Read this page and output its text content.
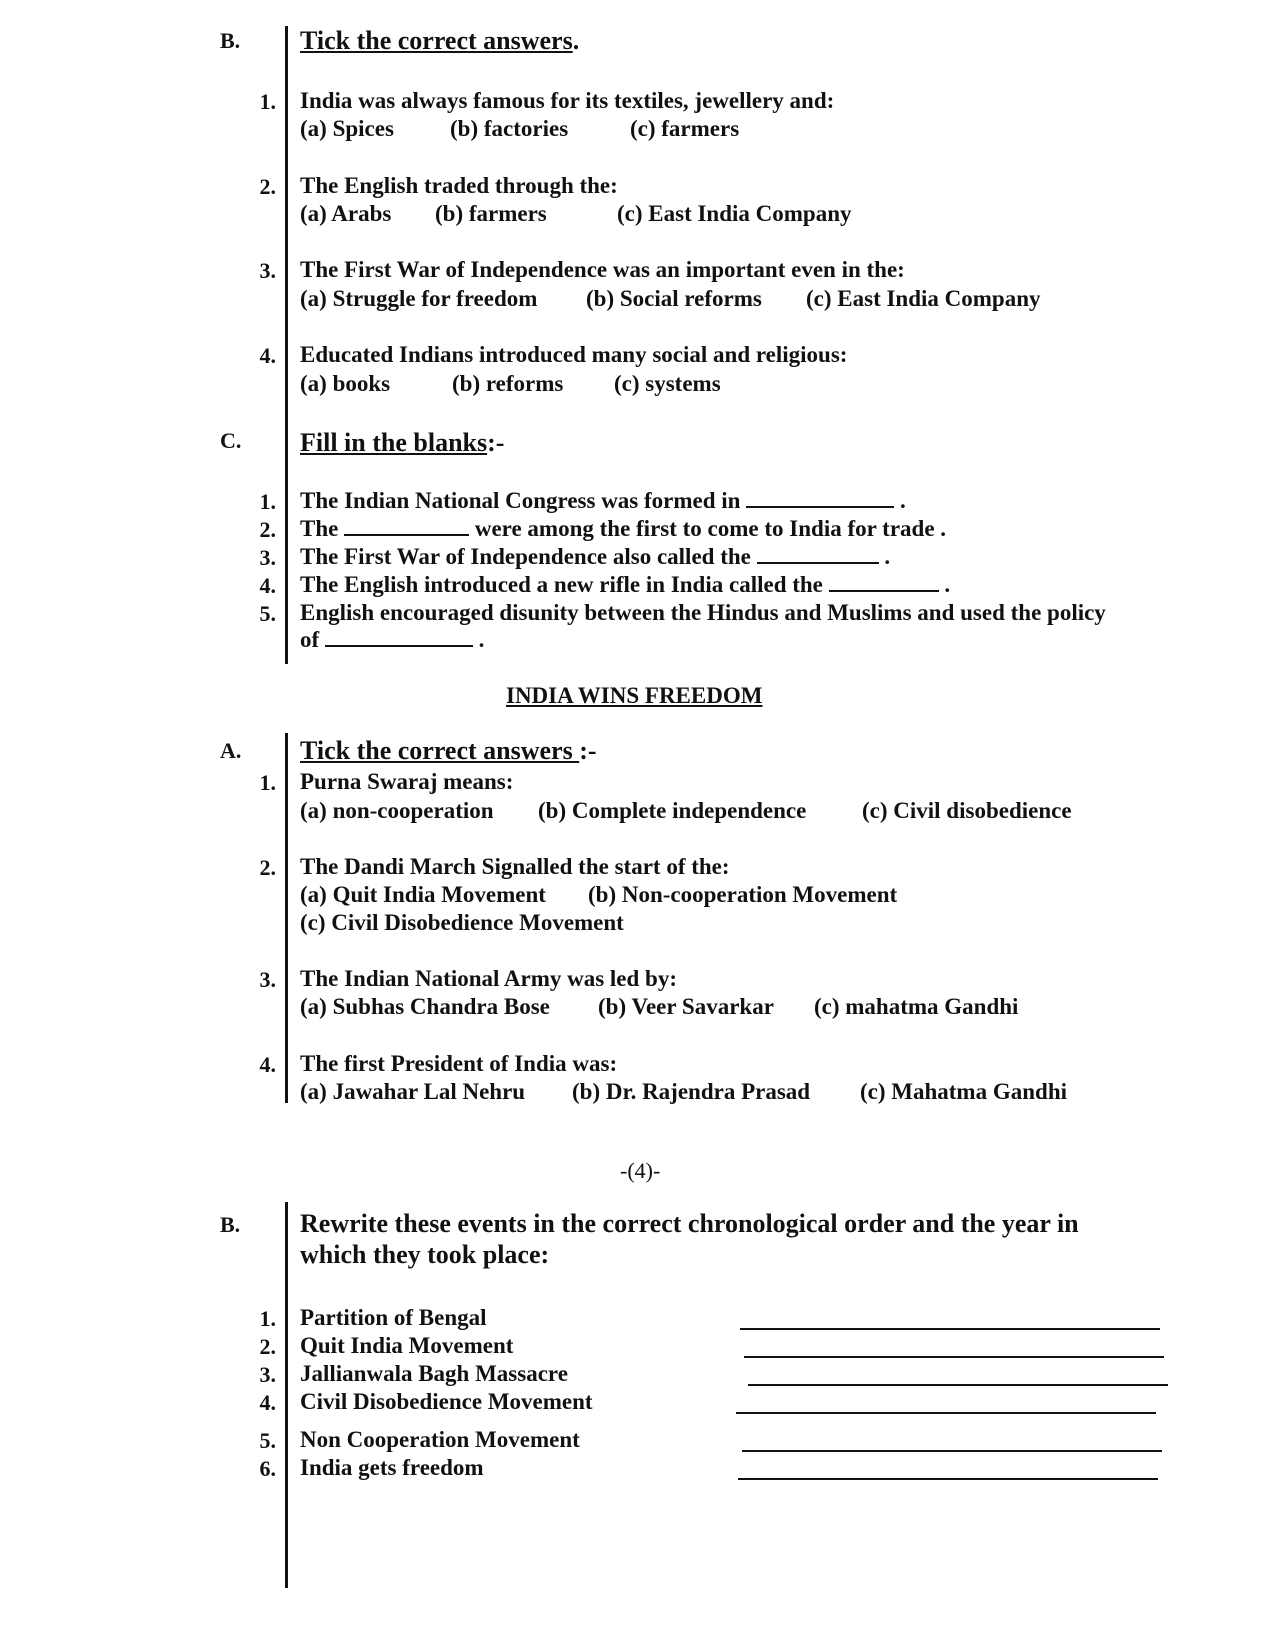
B. Tick the correct answers.
1. India was always famous for its textiles, jewellery and:
(a) Spices (b) factories	(c) farmers
2. The English traded through the:
(a) Arabs (b) farmers	(c) East India Company
3. The First War of Independence was an important even in the:
(a) Struggle for freedom (b) Social reforms (c) East India Company
4. Educated Indians introduced many social and religious:
(a) books	(b) reforms (c) systems
C. Fill in the blanks:-
1. The Indian National Congress was formed in	.
2. The	were among the first to come to India for trade .
3. The First War of Independence also called the	.
4. The English introduced a new rifle in India called the	.
5. English encouraged disunity between the Hindus and Muslims and used the policy
of	.
INDIA WINS FREEDOM
A. Tick the correct answers :-
1. Purna Swaraj means:
(a) non-cooperation (b) Complete independence (c) Civil disobedience
2. The Dandi March Signalled the start of the:
(a) Quit India Movement (b) Non-cooperation Movement
(c) Civil Disobedience Movement
3. The Indian National Army was led by:
(a) Subhas Chandra Bose (b) Veer Savarkar (c) mahatma Gandhi
4. The first President of India was:
(a) Jawahar Lal Nehru (b) Dr. Rajendra Prasad (c) Mahatma Gandhi
-(4)-
B. Rewrite these events in the correct chronological order and the year in
which they took place:
1. Partition of Bengal
2. Quit India Movement
3. Jallianwala Bagh Massacre
4. Civil Disobedience Movement
5. Non Cooperation Movement
6. India gets freedom
